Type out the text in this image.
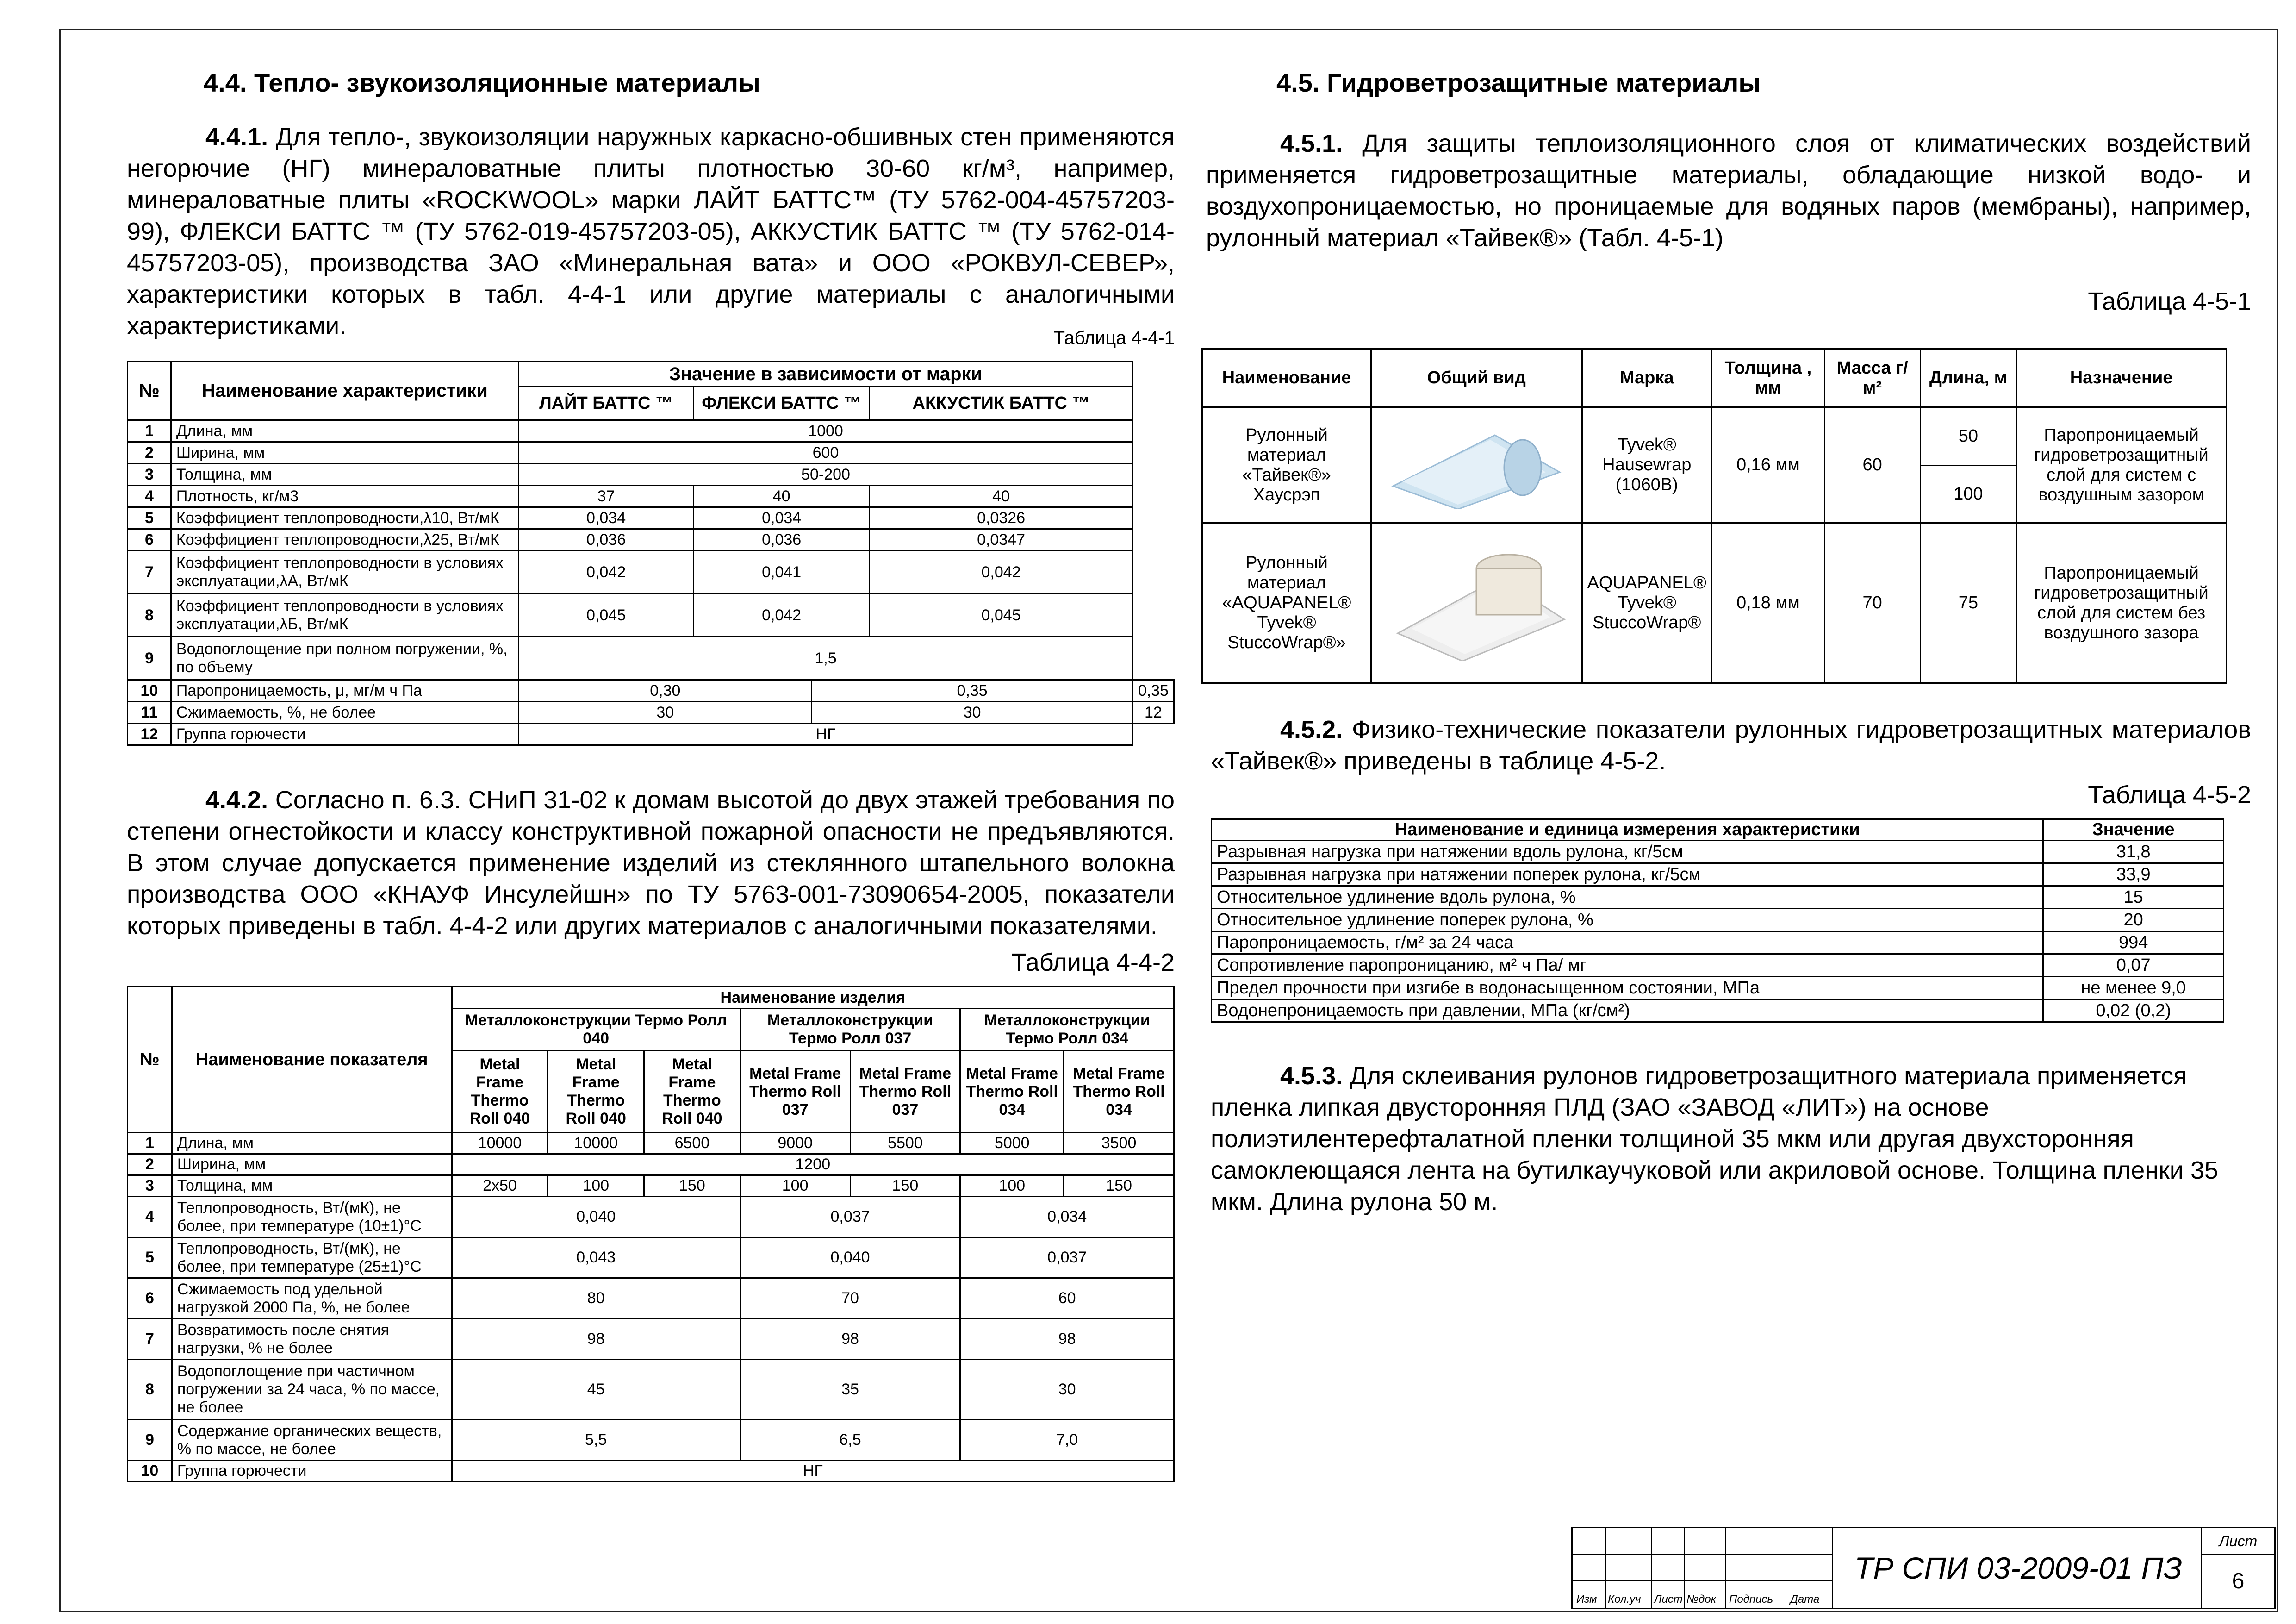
4.4. Тепло- звукоизоляционные материалы

4.4.1. Для тепло-, звукоизоляции наружных каркасно-обшивных стен применяются негорючие (НГ) минераловатные плиты плотностью 30-60 кг/м³, например, минераловатные плиты «ROCKWOOL» марки ЛАЙТ БАТТС™ (ТУ 5762-004-45757203-99), ФЛЕКСИ БАТТС ™ (ТУ 5762-019-45757203-05), АККУСТИК БАТТС ™ (ТУ 5762-014-45757203-05), производства ЗАО «Минеральная вата» и ООО «РОКВУЛ-СЕВЕР», характеристики которых в табл. 4-4-1 или другие материалы с аналогичными характеристиками.	Таблица 4-4-1
№	Наименование характеристики	Значение в зависимости от марки				
		ЛАЙТ БАТТС ™	ФЛЕКСИ БАТТС ™		АККУСТИК БАТТС ™	
1	Длина, мм	1000				
2	Ширина, мм	600				
3	Толщина, мм	50-200				
4	Плотность, кг/м3	37	40		40	
5	Коэффициент теплопроводности,λ10, Вт/мК	0,034	0,034		0,0326	
6	Коэффициент теплопроводности,λ25, Вт/мК	0,036	0,036		0,0347	
7	Коэффициент теплопроводности в условиях эксплуатации,λА, Вт/мК	0,042	0,041		0,042	
8	Коэффициент теплопроводности в условиях эксплуатации,λБ, Вт/мК	0,045	0,042		0,045	
9	Водопоглощение при полном погружении, %, по объему	1,5				
10	Паропроницаемость, μ, мг/м ч Па	0,30		0,35		0,35
11	Сжимаемость, %, не более	30		30		12
12	Группа горючести	НГ				

4.4.2. Согласно п. 6.3. СНиП 31-02 к домам высотой до двух этажей требования по степени огнестойкости и классу конструктивной пожарной опасности не предъявляются. В этом случае допускается применение изделий из стеклянного штапельного волокна производства ООО «КНАУФ Инсулейшн» по ТУ 5763-001-73090654-2005, показатели которых приведены в табл. 4-4-2 или других материалов с аналогичными показателями.

Таблица 4-4-2
№	Наименование показателя	Наименование изделия						
		Металлоконструкции Термо Ролл 040			Металлоконструкции Термо Ролл 037		Металлоконструкции Термо Ролл 034	
		Metal Frame Thermo Roll 040	Metal Frame Thermo Roll 040	Metal Frame Thermo Roll 040	Metal Frame Thermo Roll 037	Metal Frame Thermo Roll 037	Metal Frame Thermo Roll 034	Metal Frame Thermo Roll 034
1	Длина, мм	10000	10000	6500	9000	5500	5000	3500
2	Ширина, мм	1200						
3	Толщина, мм	2x50	100	150	100	150	100	150
4	Теплопроводность, Вт/(мК), не более, при температуре (10±1)°С	0,040			0,037		0,034	
5	Теплопроводность, Вт/(мК), не более, при температуре (25±1)°С	0,043			0,040		0,037	
6	Сжимаемость под удельной нагрузкой 2000 Па, %, не более	80			70		60	
7	Возвратимость после снятия нагрузки, % не более	98			98		98	
8	Водопоглощение при частичном погружении за 24 часа, % по массе, не более	45			35		30	
9	Содержание органических веществ, % по массе, не более	5,5			6,5		7,0	
10	Группа горючести	НГ						
4.5. Гидроветрозащитные материалы

4.5.1. Для защиты теплоизоляционного слоя от климатических воздействий применяется гидроветрозащитные материалы, обладающие низкой водо- и воздухопроницаемостью, но проницаемые для водяных паров (мембраны), например, рулонный материал «Тайвек®» (Табл. 4-5-1)

Таблица 4-5-1
Наименование	Общий вид	Марка	Толщина , мм	Масса г/м²	Длина, м	Назначение
Рулонный материал «Тайвек®» Хаусрэп		Tyvek® Hausewrap (1060B)	0,16 мм	60	50	Паропроницаемый гидроветрозащитный слой для систем с воздушным зазором
					100	
Рулонный материал «AQUAPANEL® Tyvek® StuccoWrap®»		AQUAPANEL® Tyvek® StuccoWrap®	0,18 мм	70	75	Паропроницаемый гидроветрозащитный слой для систем без воздушного зазора

4.5.2. Физико-технические показатели рулонных гидроветрозащитных материалов «Тайвек®» приведены в таблице 4-5-2.

Таблица 4-5-2
Наименование и единица измерения характеристики	Значение
Разрывная нагрузка при натяжении вдоль рулона, кг/5см	31,8
Разрывная нагрузка при натяжении поперек рулона, кг/5см	33,9
Относительное удлинение вдоль рулона, %	15
Относительное удлинение поперек рулона, %	20
Паропроницаемость, г/м² за 24 часа	994
Сопротивление паропроницанию, м² ч Па/ мг	0,07
Предел прочности при изгибе в водонасыщенном состоянии, МПа	не менее 9,0
Водонепроницаемость при давлении, МПа (кг/см²)	0,02 (0,2)

4.5.3. Для склеивания рулонов гидроветрозащитного материала применяется пленка липкая двусторонняя ПЛД (ЗАО «ЗАВОД «ЛИТ») на основе полиэтилентерефталатной пленки толщиной 35 мкм или другая двухсторонняя самоклеющаяся лента на бутилкаучуковой или акриловой основе. Толщина пленки 35 мкм. Длина рулона 50 м.

Изм Кол.уч Лист №док Подпись Дата
ТР СПИ 03-2009-01 ПЗ
Лист
6
